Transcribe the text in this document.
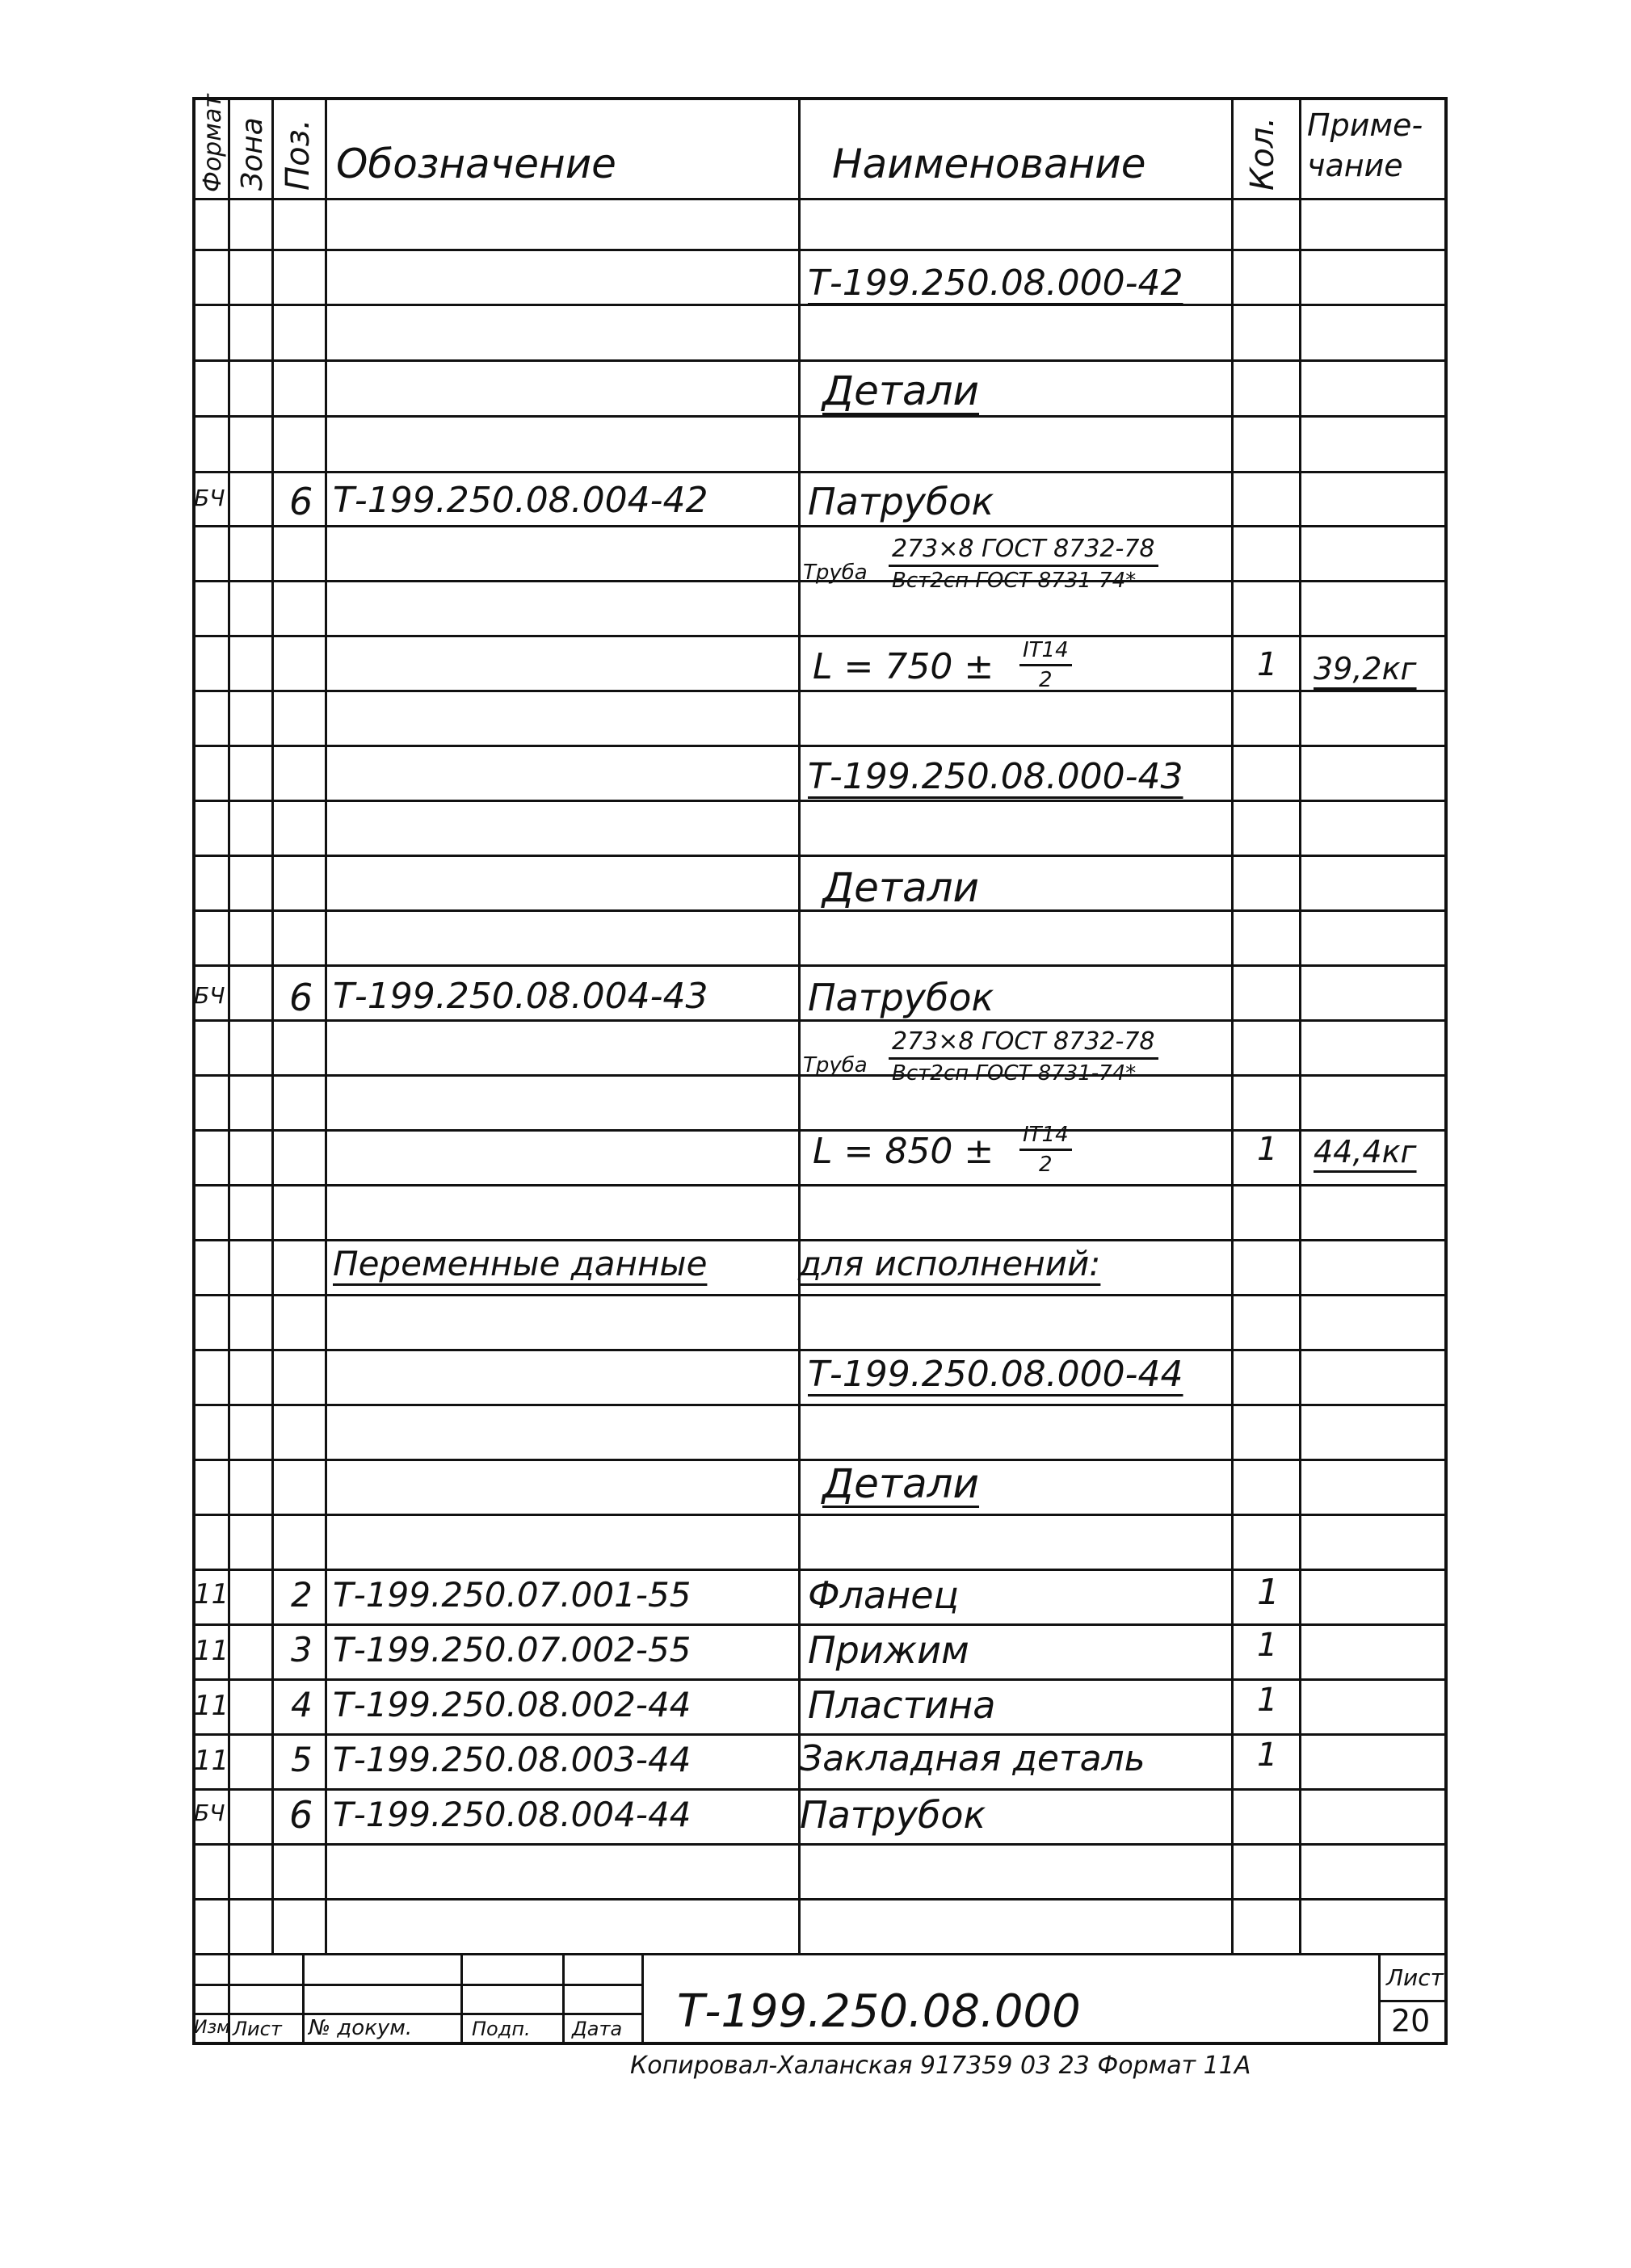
Формат Зона Поз. Обозначение	Наименование	Кол. Приме-
чание
Т-199.250.08.000-42
Детали
БЧ 6 Т-199.250.08.004-42	Патрубок
Труба
273×8 ГОСТ 8732-78
Вст2сп ГОСТ 8731-74*
$L = 750 \pm \frac{IT14}{2}$	1 39,2кг
Т-199.250.08.000-43
Детали
БЧ 6 Т-199.250.08.004-43	Патрубок
Труба
273×8 ГОСТ 8732-78
Вст2сп ГОСТ 8731-74*
$L = 850 \pm \frac{IT14}{2}$	1 44,4кг
Переменные данные	для исполнений:
Т-199.250.08.000-44
Детали
11 2 Т-199.250.07.001-55	Фланец	1
11 3 Т-199.250.07.002-55	Прижим	1
11 4 Т-199.250.08.002-44	Пластина	1
11 5 Т-199.250.08.003-44	Закладная деталь	1
БЧ 6 Т-199.250.08.004-44	Патрубок
Изм Лист № докум.	Подп. Дата Т-199.250.08.000
Лист
20
Копировал-Халанская 917359 03 23 Формат 11А
